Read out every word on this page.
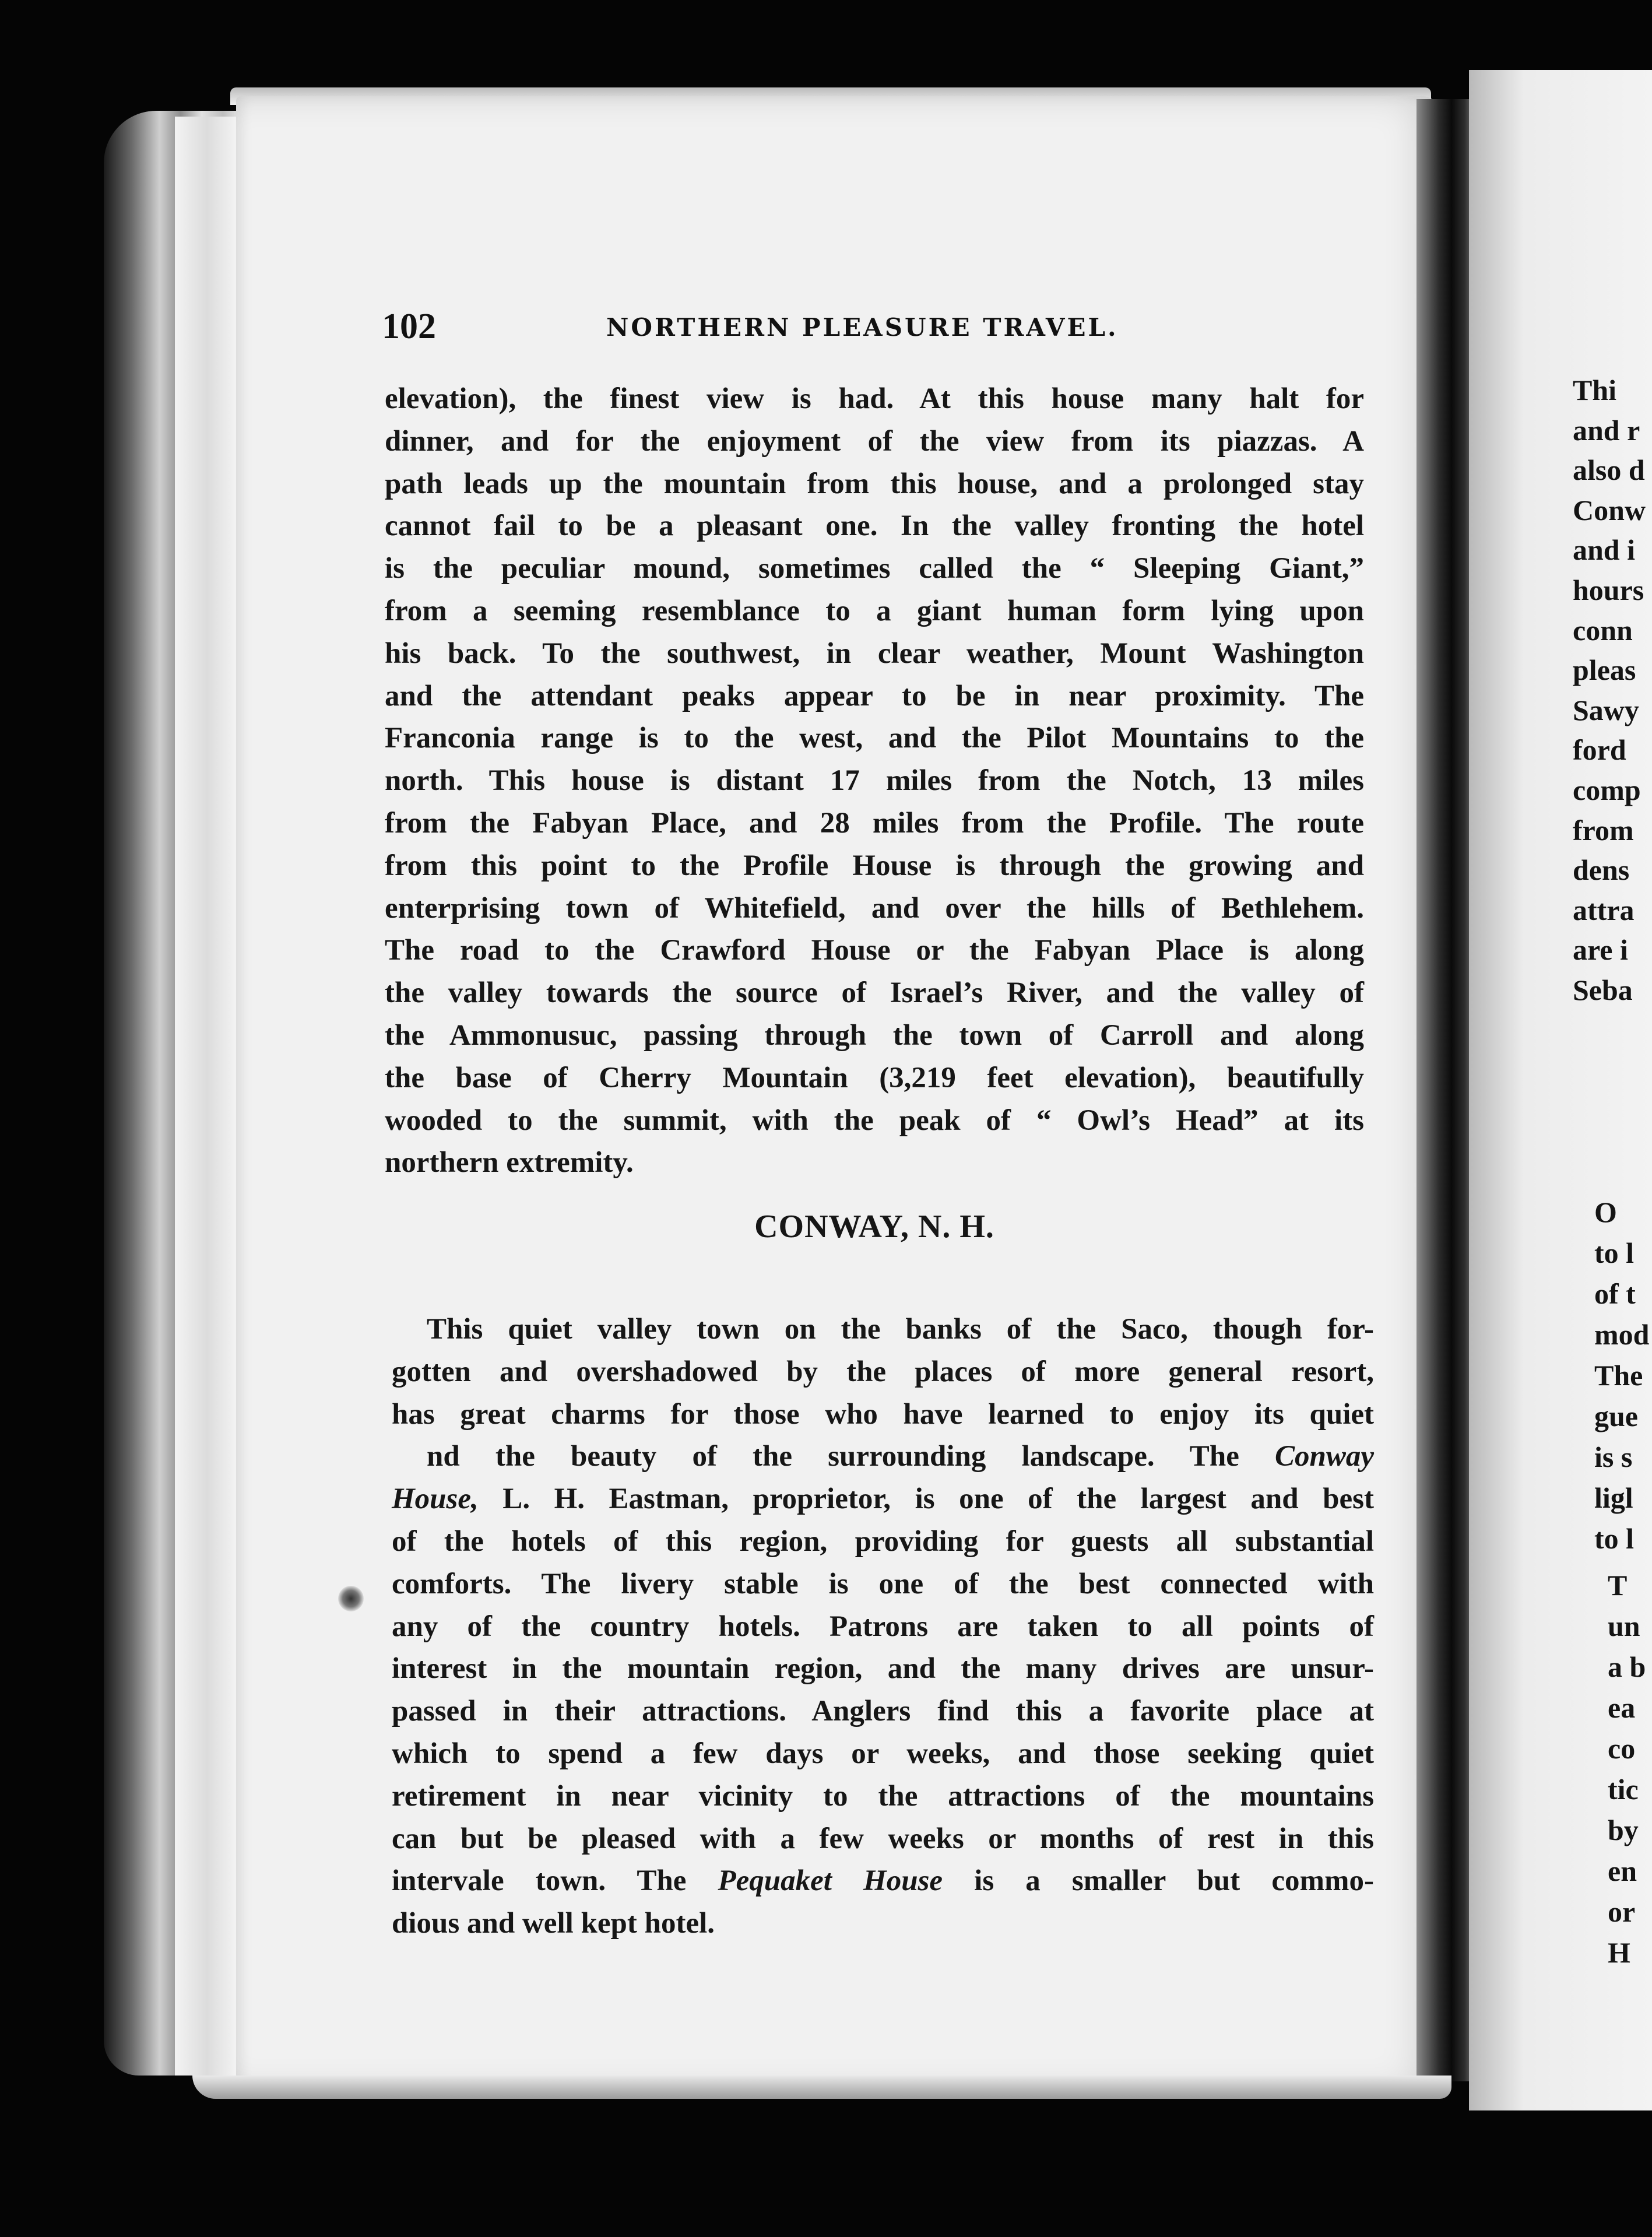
Thi
and r
also d
Conw
and i
hours
conn
pleas
Sawy
ford
comp
from
dens
attra
are i
Seba
O
to l
of t
mod
The
gue
is s
ligl
to l
T
un
a b
ea
co
tic
by
en
or
H
102	NORTHERN PLEASURE TRAVEL.
elevation), the finest view is had. At this house many halt for
dinner, and for the enjoyment of the view from its piazzas. A
path leads up the mountain from this house, and a prolonged stay
cannot fail to be a pleasant one. In the valley fronting the hotel
is the peculiar mound, sometimes called the “ Sleeping Giant,”
from a seeming resemblance to a giant human form lying upon
his back. To the southwest, in clear weather, Mount Washington
and the attendant peaks appear to be in near proximity. The
Franconia range is to the west, and the Pilot Mountains to the
north. This house is distant 17 miles from the Notch, 13 miles
from the Fabyan Place, and 28 miles from the Profile. The route
from this point to the Profile House is through the growing and
enterprising town of Whitefield, and over the hills of Bethlehem.
The road to the Crawford House or the Fabyan Place is along
the valley towards the source of Israel’s River, and the valley of
the Ammonusuc, passing through the town of Carroll and along
the base of Cherry Mountain (3,219 feet elevation), beautifully
wooded to the summit, with the peak of “ Owl’s Head” at its
northern extremity.
CONWAY, N. H.
This quiet valley town on the banks of the Saco, though for-
gotten and overshadowed by the places of more general resort,
has great charms for those who have learned to enjoy its quiet
nd the beauty of the surrounding landscape. The Conway
House, L. H. Eastman, proprietor, is one of the largest and best
of the hotels of this region, providing for guests all substantial
comforts. The livery stable is one of the best connected with
any of the country hotels. Patrons are taken to all points of
interest in the mountain region, and the many drives are unsur-
passed in their attractions. Anglers find this a favorite place at
which to spend a few days or weeks, and those seeking quiet
retirement in near vicinity to the attractions of the mountains
can but be pleased with a few weeks or months of rest in this
intervale town. The Pequaket House is a smaller but commo-
dious and well kept hotel.
